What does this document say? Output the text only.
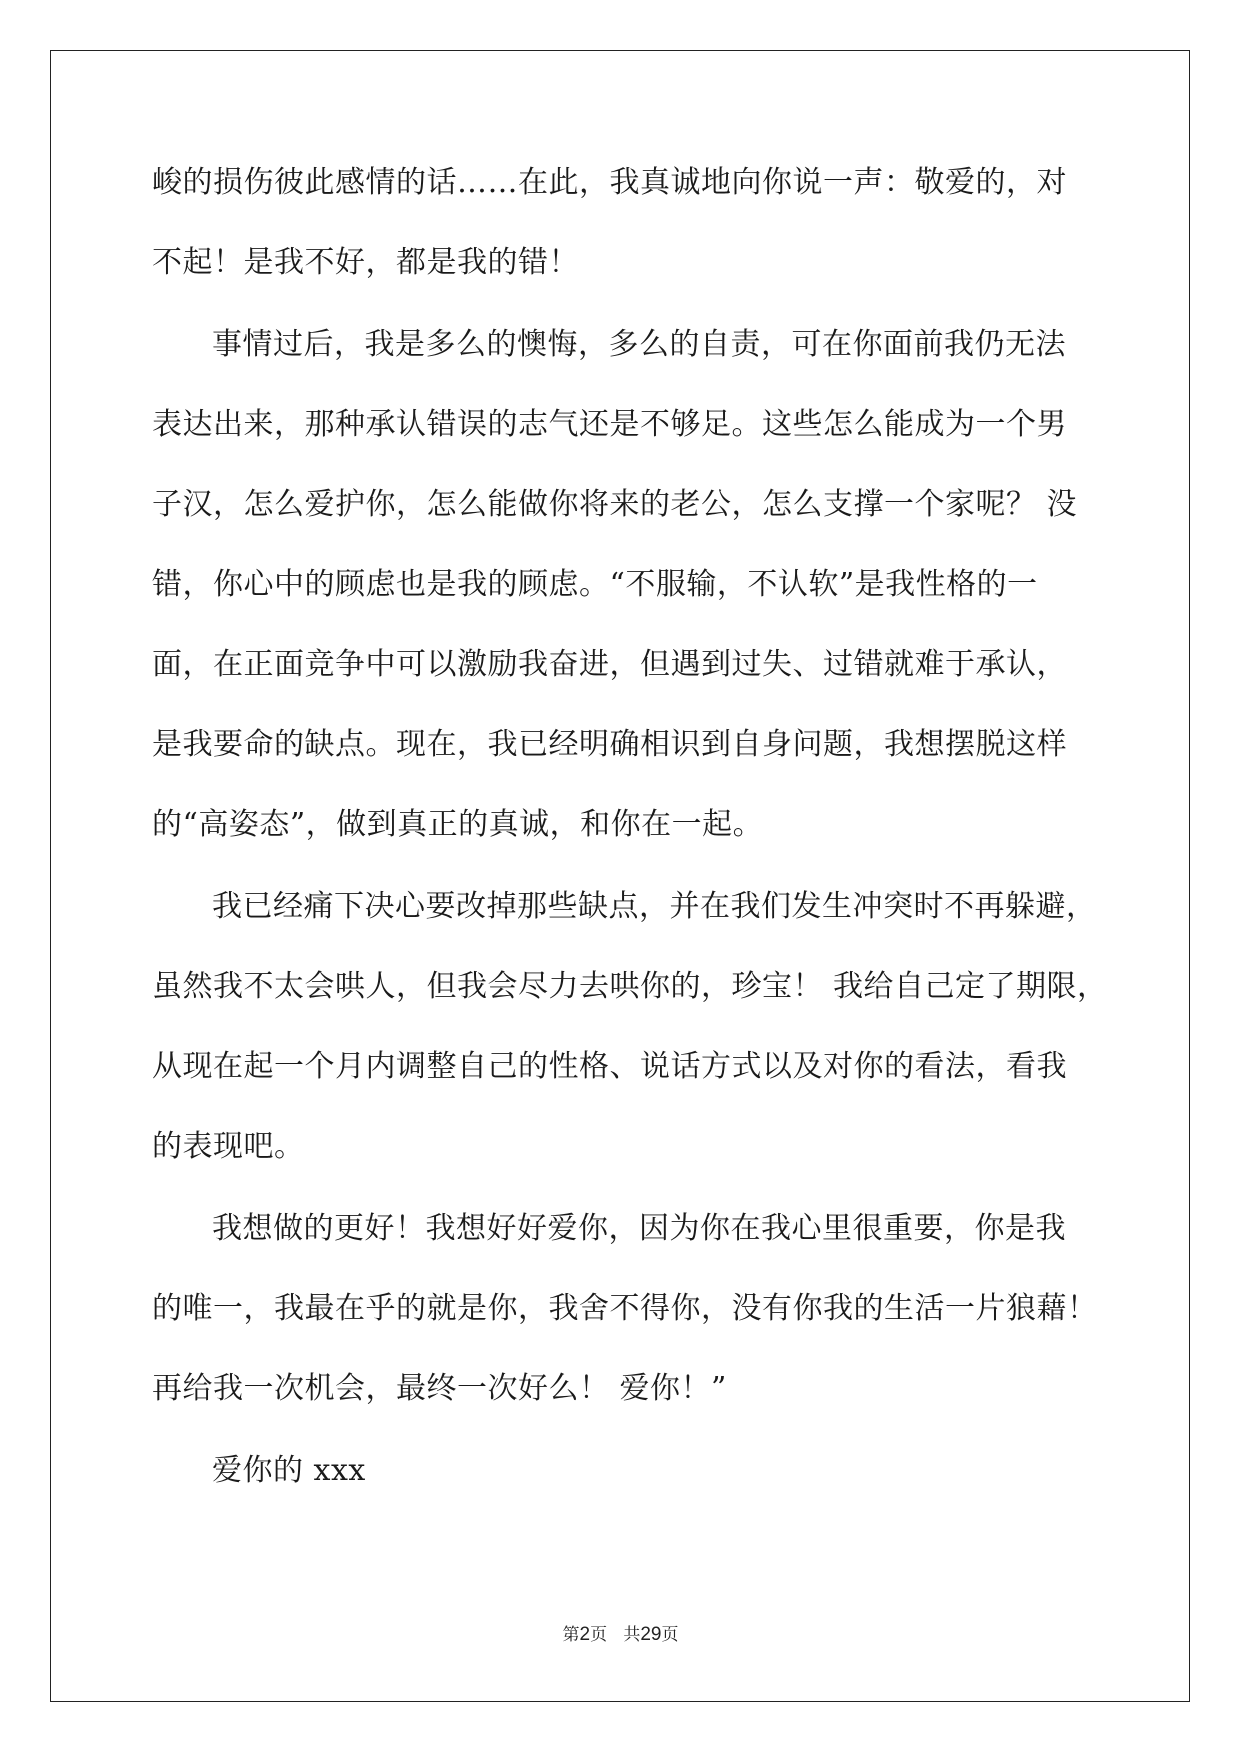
峻的损伤彼此感情的话……在此，我真诚地向你说一声：敬爱的，对
不起！是我不好，都是我的错！
事情过后，我是多么的懊悔，多么的自责，可在你面前我仍无法
表达出来，那种承认错误的志气还是不够足。这些怎么能成为一个男
子汉，怎么爱护你，怎么能做你将来的老公，怎么支撑一个家呢？ 没
错，你心中的顾虑也是我的顾虑。“不服输，不认软”是我性格的一
面，在正面竞争中可以激励我奋进，但遇到过失、过错就难于承认，
是我要命的缺点。现在，我已经明确相识到自身问题，我想摆脱这样
的“高姿态”，做到真正的真诚，和你在一起。
我已经痛下决心要改掉那些缺点，并在我们发生冲突时不再躲避，
虽然我不太会哄人，但我会尽力去哄你的，珍宝！ 我给自己定了期限，
从现在起一个月内调整自己的性格、说话方式以及对你的看法，看我
的表现吧。
我想做的更好！我想好好爱你，因为你在我心里很重要，你是我
的唯一，我最在乎的就是你，我舍不得你，没有你我的生活一片狼藉！
再给我一次机会，最终一次好么！ 爱你！”
爱你的 xxx
第2页 共29页
